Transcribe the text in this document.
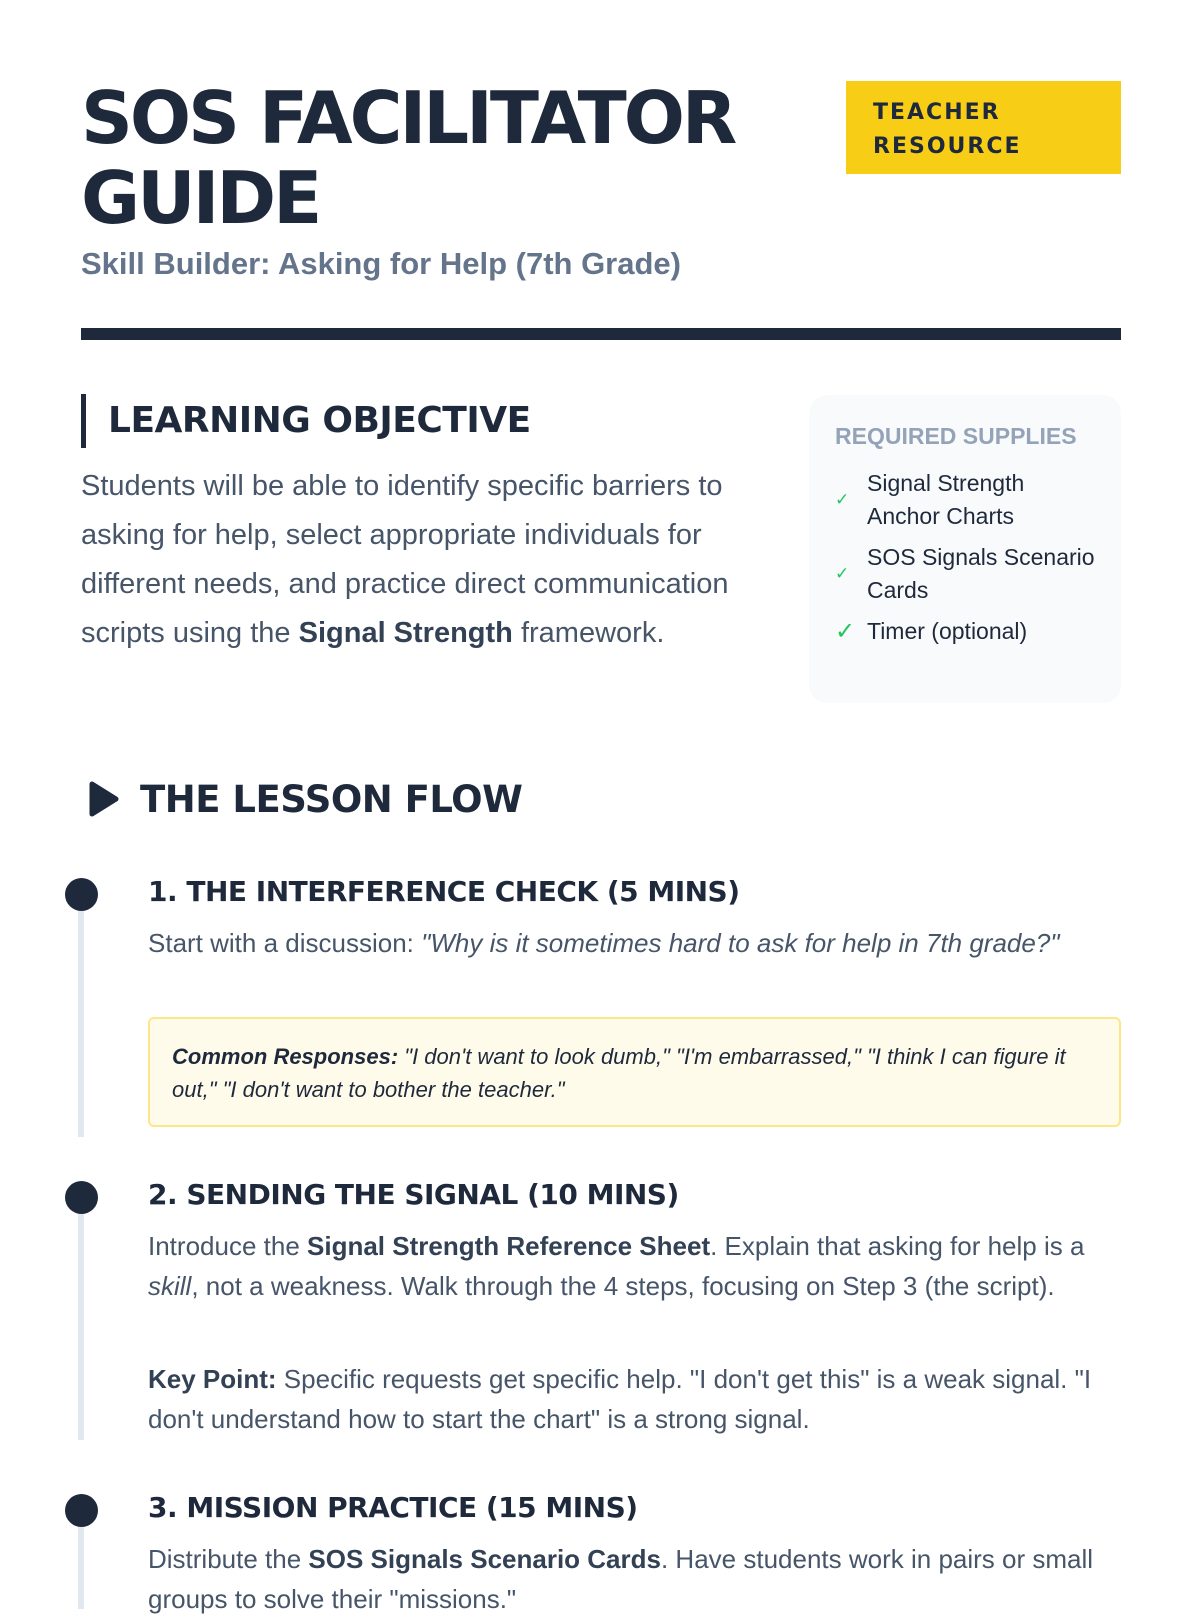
SOS FACILITATOR GUIDE
TEACHER RESOURCE
Skill Builder: Asking for Help (7th Grade)
LEARNING OBJECTIVE

Students will be able to identify specific barriers to asking for help, select appropriate individuals for different needs, and practice direct communication scripts using the Signal Strength framework.

REQUIRED SUPPLIES
✓
Signal Strength Anchor Charts
✓
SOS Signals Scenario Cards
✓ Timer (optional)
THE LESSON FLOW
1. THE INTERFERENCE CHECK (5 MINS)

Start with a discussion: "Why is it sometimes hard to ask for help in 7th grade?"

Common Responses: "I don't want to look dumb," "I'm embarrassed," "I think I can figure it out," "I don't want to bother the teacher."
2. SENDING THE SIGNAL (10 MINS)

Introduce the Signal Strength Reference Sheet. Explain that asking for help is a skill, not a weakness. Walk through the 4 steps, focusing on Step 3 (the script).

Key Point: Specific requests get specific help. "I don't get this" is a weak signal. "I don't understand how to start the chart" is a strong signal.

3. MISSION PRACTICE (15 MINS)

Distribute the SOS Signals Scenario Cards. Have students work in pairs or small groups to solve their "missions."
